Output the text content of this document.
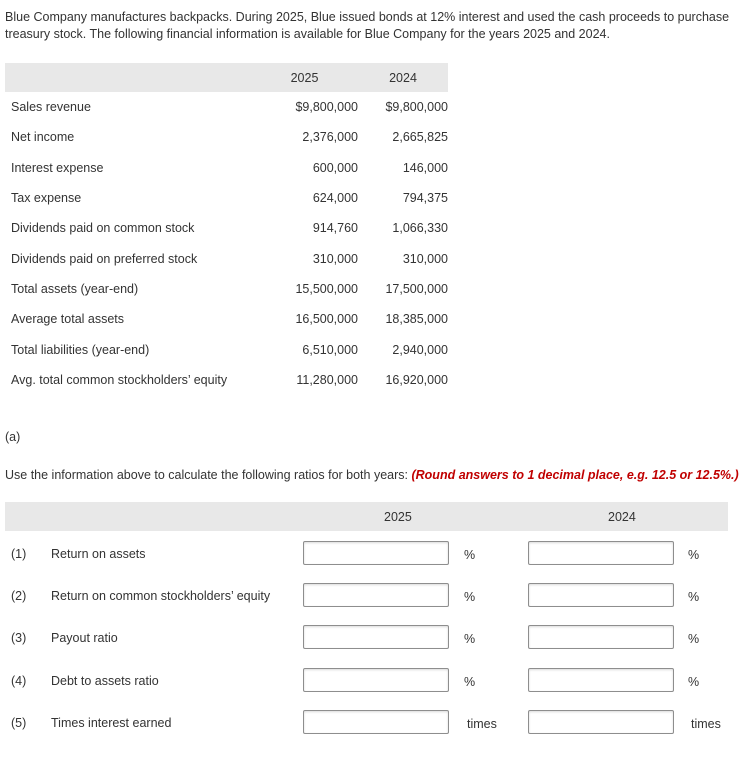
Blue Company manufactures backpacks. During 2025, Blue issued bonds at 12% interest and used the cash proceeds to purchase treasury stock. The following financial information is available for Blue Company for the years 2025 and 2024.
	2025	2024
Sales revenue	$9,800,000	$9,800,000
Net income	2,376,000	2,665,825
Interest expense	600,000	146,000
Tax expense	624,000	794,375
Dividends paid on common stock	914,760	1,066,330
Dividends paid on preferred stock	310,000	310,000
Total assets (year-end)	15,500,000	17,500,000
Average total assets	16,500,000	18,385,000
Total liabilities (year-end)	6,510,000	2,940,000
Avg. total common stockholders’ equity	11,280,000	16,920,000
(a)
Use the information above to calculate the following ratios for both years: (Round answers to 1 decimal place, e.g. 12.5 or 12.5%.)
2025	2024
(1) Return on assets	%	%
(2) Return on common stockholders’ equity	%	%
(3) Payout ratio	%	%
(4) Debt to assets ratio	%	%
(5) Times interest earned	times	times
